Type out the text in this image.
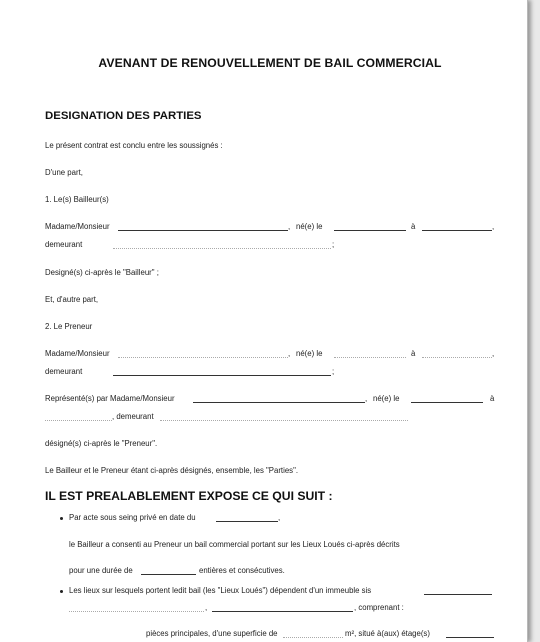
AVENANT DE RENOUVELLEMENT DE BAIL COMMERCIAL
DESIGNATION DES PARTIES
Le présent contrat est conclu entre les soussignés :
D'une part,
1. Le(s) Bailleur(s)
Madame/Monsieur	, né(e) le	à	,
demeurant	;
Designé(s) ci-après le "Bailleur" ;
Et, d'autre part,
2. Le Preneur
Madame/Monsieur	, né(e) le	à	,
demeurant	;
Représenté(s) par Madame/Monsieur	, né(e) le	à
, demeurant
désigné(s) ci-après le "Preneur".
Le Bailleur et le Preneur étant ci-après désignés, ensemble, les "Parties".
IL EST PREALABLEMENT EXPOSE CE QUI SUIT :
Par acte sous seing privé en date du	,
le Bailleur a consenti au Preneur un bail commercial portant sur les Lieux Loués ci-après décrits
pour une durée de	entières et consécutives.
Les lieux sur lesquels portent ledit bail (les "Lieux Loués") dépendent d'un immeuble sis
,	, comprenant :
pièces principales, d'une superficie de	m², situé à(aux) étage(s)
